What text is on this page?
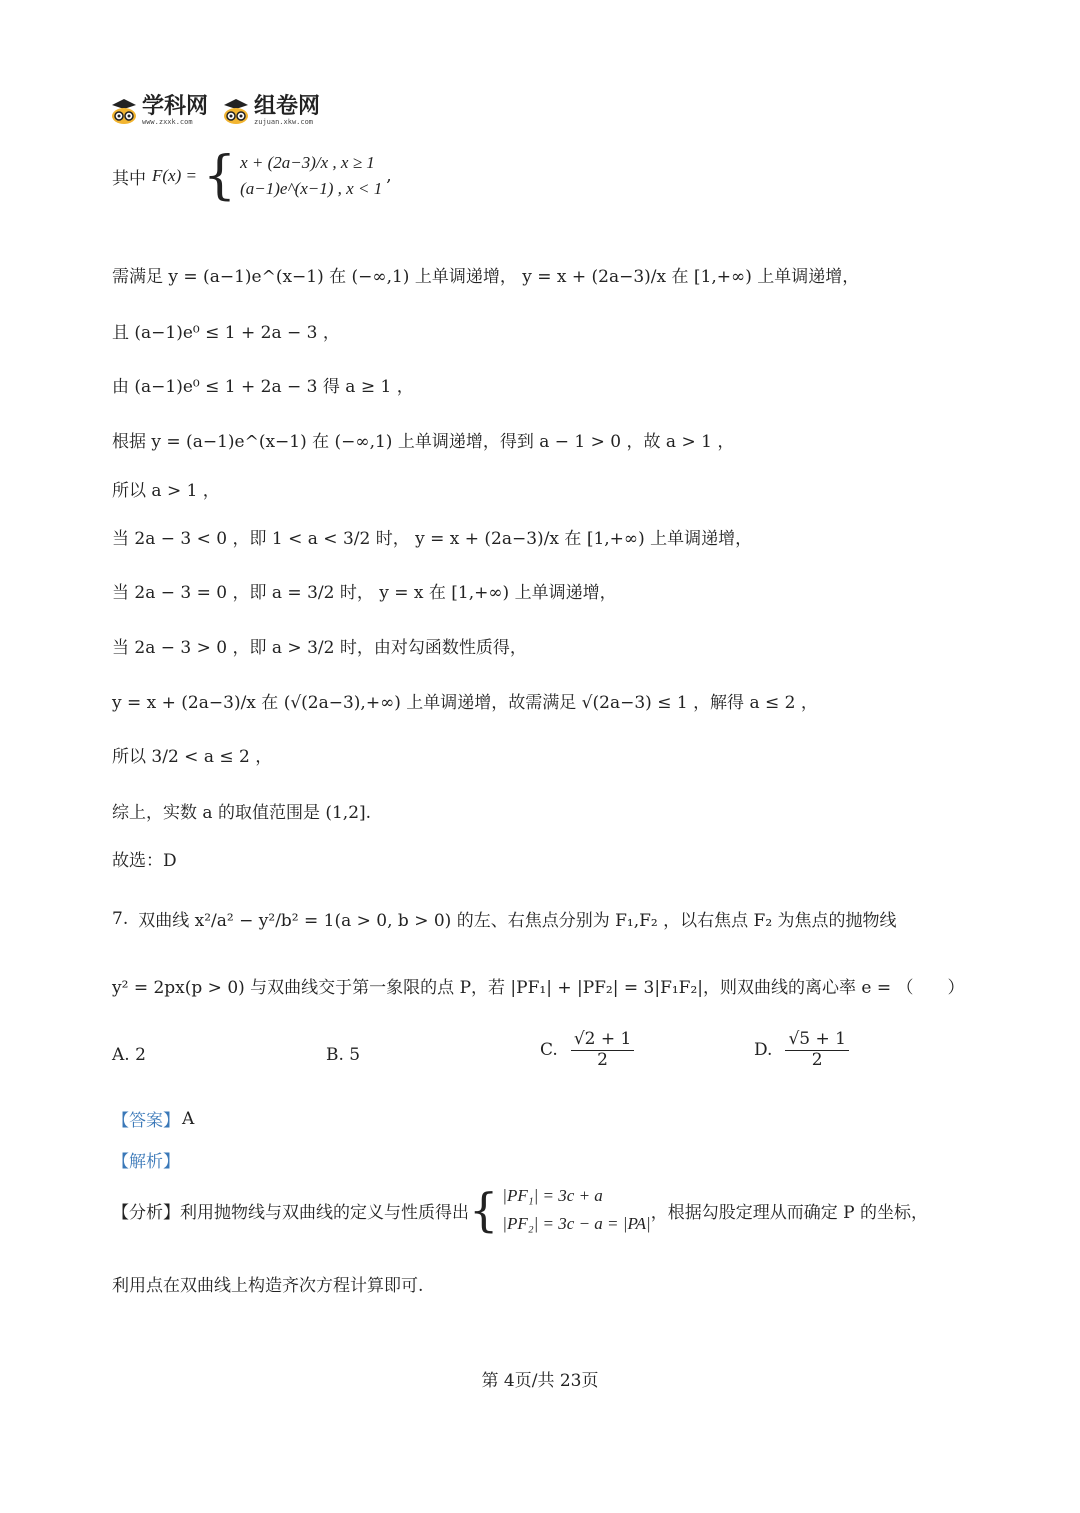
学科网
www.zxxk.com
组卷网
zujuan.xkw.com
其中 F(x) = { x + (2a−3)/x , x ≥ 1
(a−1)e^(x−1) , x < 1
,
需满足 y = (a−1)e^(x−1) 在 (−∞,1) 上单调递增， y = x + (2a−3)/x 在 [1,+∞) 上单调递增，
且 (a−1)e⁰ ≤ 1 + 2a − 3 ，
由 (a−1)e⁰ ≤ 1 + 2a − 3 得 a ≥ 1 ，
根据 y = (a−1)e^(x−1) 在 (−∞,1) 上单调递增，得到 a − 1 > 0 ，故 a > 1 ，
所以 a > 1 ，
当 2a − 3 < 0 ，即 1 < a < 3/2 时， y = x + (2a−3)/x 在 [1,+∞) 上单调递增，
当 2a − 3 = 0 ，即 a = 3/2 时， y = x 在 [1,+∞) 上单调递增，
当 2a − 3 > 0 ，即 a > 3/2 时，由对勾函数性质得，
y = x + (2a−3)/x 在 (√(2a−3),+∞) 上单调递增，故需满足 √(2a−3) ≤ 1 ，解得 a ≤ 2 ，
所以 3/2 < a ≤ 2 ，
综上，实数 a 的取值范围是 (1,2].
故选：D
7. 双曲线 x²/a² − y²/b² = 1(a > 0, b > 0) 的左、右焦点分别为 F₁,F₂ ，以右焦点 F₂ 为焦点的抛物线
y² = 2px(p > 0) 与双曲线交于第一象限的点 P，若 |PF₁| + |PF₂| = 3|F₁F₂|，则双曲线的离心率 e = （　　）
A. 2	B. 5	C. $\frac{√2 + 1}{2}$	D. $\frac{√5 + 1}{2}$
【答案】 A
【解析】
【分析】 利用抛物线与双曲线的定义与性质得出 { |PF₁| = 3c + a
|PF₂| = 3c − a = |PA|
，根据勾股定理从而确定 P 的坐标，
利用点在双曲线上构造齐次方程计算即可.
第 4页/共 23页
